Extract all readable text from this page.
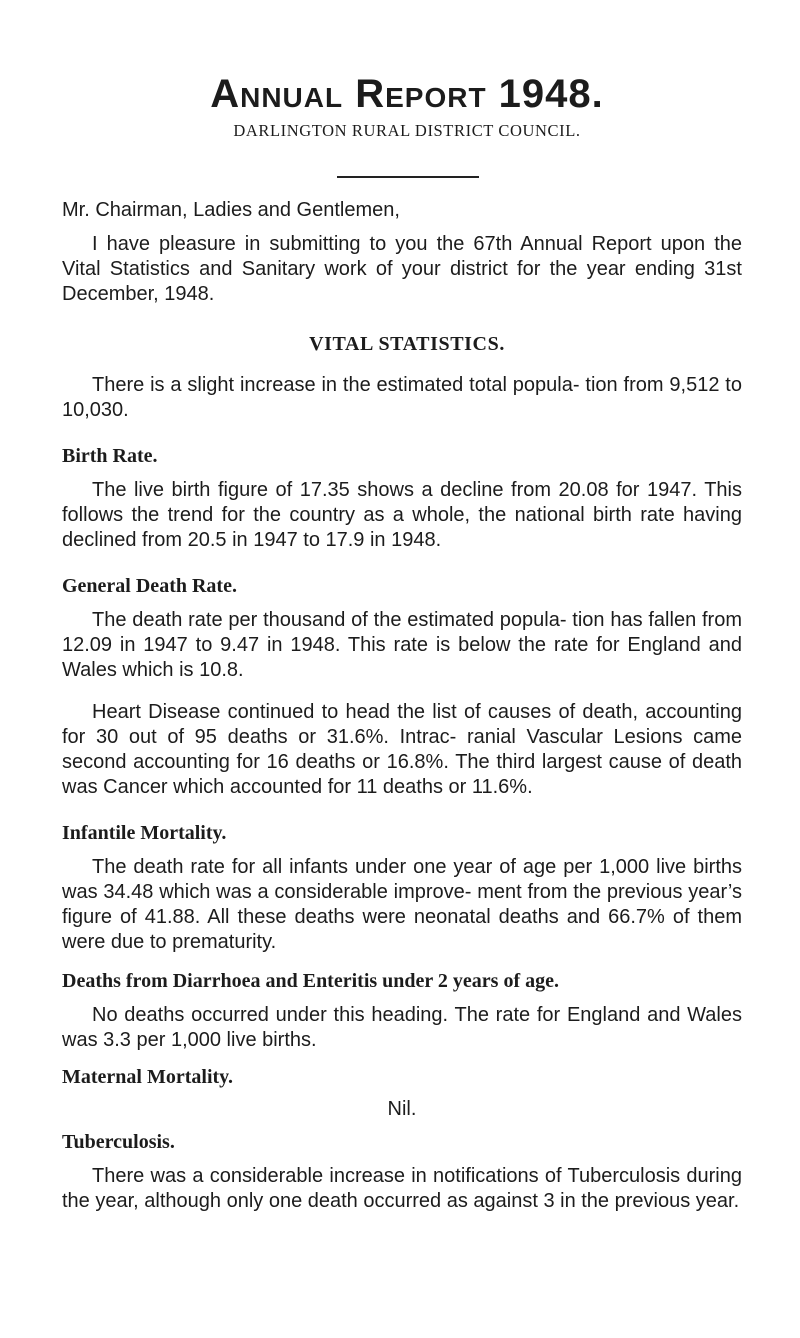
Annual Report 1948.
DARLINGTON RURAL DISTRICT COUNCIL.

Mr. Chairman, Ladies and Gentlemen,

I have pleasure in submitting to you the 67th Annual Report upon the Vital Statistics and Sanitary work of your district for the year ending 31st December, 1948.

VITAL STATISTICS.

There is a slight increase in the estimated total popula- tion from 9,512 to 10,030.

Birth Rate.

The live birth figure of 17.35 shows a decline from 20.08 for 1947. This follows the trend for the country as a whole, the national birth rate having declined from 20.5 in 1947 to 17.9 in 1948.

General Death Rate.

The death rate per thousand of the estimated popula- tion has fallen from 12.09 in 1947 to 9.47 in 1948. This rate is below the rate for England and Wales which is 10.8.

Heart Disease continued to head the list of causes of death, accounting for 30 out of 95 deaths or 31.6%. Intrac- ranial Vascular Lesions came second accounting for 16 deaths or 16.8%. The third largest cause of death was Cancer which accounted for 11 deaths or 11.6%.

Infantile Mortality.

The death rate for all infants under one year of age per 1,000 live births was 34.48 which was a considerable improve- ment from the previous year’s figure of 41.88. All these deaths were neonatal deaths and 66.7% of them were due to prematurity.

Deaths from Diarrhoea and Enteritis under 2 years of age.

No deaths occurred under this heading. The rate for England and Wales was 3.3 per 1,000 live births.

Maternal Mortality.
Nil.
Tuberculosis.

There was a considerable increase in notifications of Tuberculosis during the year, although only one death occurred as against 3 in the previous year.
